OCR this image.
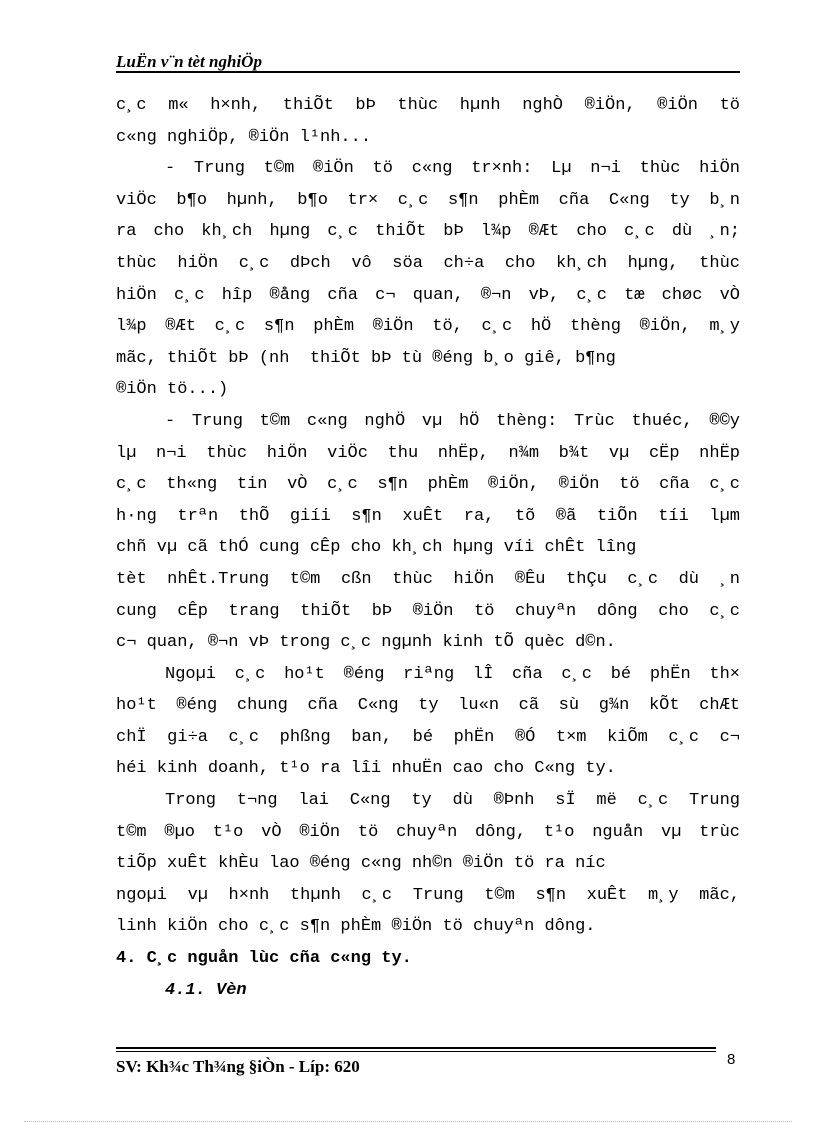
LuËn v¨n tèt nghiÖp
c¸c m« h×nh, thiÕt bÞ thùc hµnh nghÒ ®iÖn, ®iÖn tö
c«ng nghiÖp, ®iÖn l¹nh...
- Trung t©m ®iÖn tö c«ng tr×nh: Lµ n¬i thùc hiÖn
viÖc b¶o hµnh, b¶o tr× c¸c s¶n phÈm cña C«ng ty b¸n
ra cho kh¸ch hµng c¸c thiÕt bÞ l¾p ®Æt cho c¸c dù ¸n;
thùc hiÖn c¸c dÞch vô söa ch÷a cho kh¸ch hµng, thùc
hiÖn c¸c hîp ®ång cña c¬ quan, ®¬n vÞ, c¸c tæ chøc vÒ
l¾p ®Æt c¸c s¶n phÈm ®iÖn tö, c¸c hÖ thèng ®iÖn, m¸y
mãc, thiÕt bÞ (nh  thiÕt bÞ tù ®éng b¸o giê, b¶ng
®iÖn tö...)
- Trung t©m c«ng nghÖ vµ hÖ thèng: Trùc thuéc, ®©y
lµ n¬i thùc hiÖn viÖc thu nhËp, n¾m b¾t vµ cËp nhËp
c¸c th«ng tin vÒ c¸c s¶n phÈm ®iÖn, ®iÖn tö cña c¸c
h·ng trªn thÕ giíi s¶n xuÊt ra, tõ ®ã tiÕn tíi lµm
chñ vµ cã thÓ cung cÊp cho kh¸ch hµng víi chÊt lîng
tèt nhÊt.Trung t©m cßn thùc hiÖn ®Êu thÇu c¸c dù ¸n
cung cÊp trang thiÕt bÞ ®iÖn tö chuyªn dông cho c¸c
c¬ quan, ®¬n vÞ trong c¸c ngµnh kinh tÕ quèc d©n.
Ngoµi c¸c ho¹t ®éng riªng lÎ cña c¸c bé phËn th×
ho¹t ®éng chung cña C«ng ty lu«n cã sù g¾n kÕt chÆt
chÏ gi÷a c¸c phßng ban, bé phËn ®Ó t×m kiÕm c¸c c¬
héi kinh doanh, t¹o ra lîi nhuËn cao cho C«ng ty.
Trong t¬ng lai C«ng ty dù ®Þnh sÏ më c¸c Trung
t©m ®µo t¹o vÒ ®iÖn tö chuyªn dông, t¹o nguån vµ trùc
tiÕp xuÊt khÈu lao ®éng c«ng nh©n ®iÖn tö ra níc
ngoµi vµ h×nh thµnh c¸c Trung t©m s¶n xuÊt m¸y mãc,
linh kiÖn cho c¸c s¶n phÈm ®iÖn tö chuyªn dông.
4. C¸c nguån lùc cña c«ng ty.
4.1. Vèn
SV: Kh¾c Th¾ng §iÒn - Líp: 620	8
